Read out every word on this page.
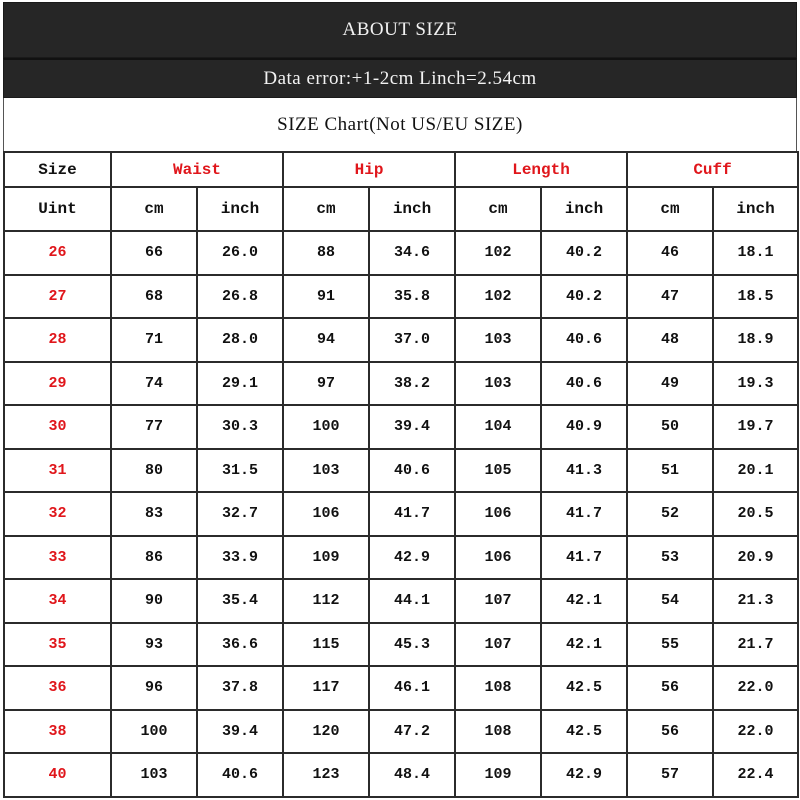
ABOUT SIZE
Data error:+1-2cm Linch=2.54cm
SIZE Chart(Not US/EU SIZE)
Size	Waist		Hip		Length		Cuff	
Uint	cm	inch	cm	inch	cm	inch	cm	inch
26	66	26.0	88	34.6	102	40.2	46	18.1
27	68	26.8	91	35.8	102	40.2	47	18.5
28	71	28.0	94	37.0	103	40.6	48	18.9
29	74	29.1	97	38.2	103	40.6	49	19.3
30	77	30.3	100	39.4	104	40.9	50	19.7
31	80	31.5	103	40.6	105	41.3	51	20.1
32	83	32.7	106	41.7	106	41.7	52	20.5
33	86	33.9	109	42.9	106	41.7	53	20.9
34	90	35.4	112	44.1	107	42.1	54	21.3
35	93	36.6	115	45.3	107	42.1	55	21.7
36	96	37.8	117	46.1	108	42.5	56	22.0
38	100	39.4	120	47.2	108	42.5	56	22.0
40	103	40.6	123	48.4	109	42.9	57	22.4
